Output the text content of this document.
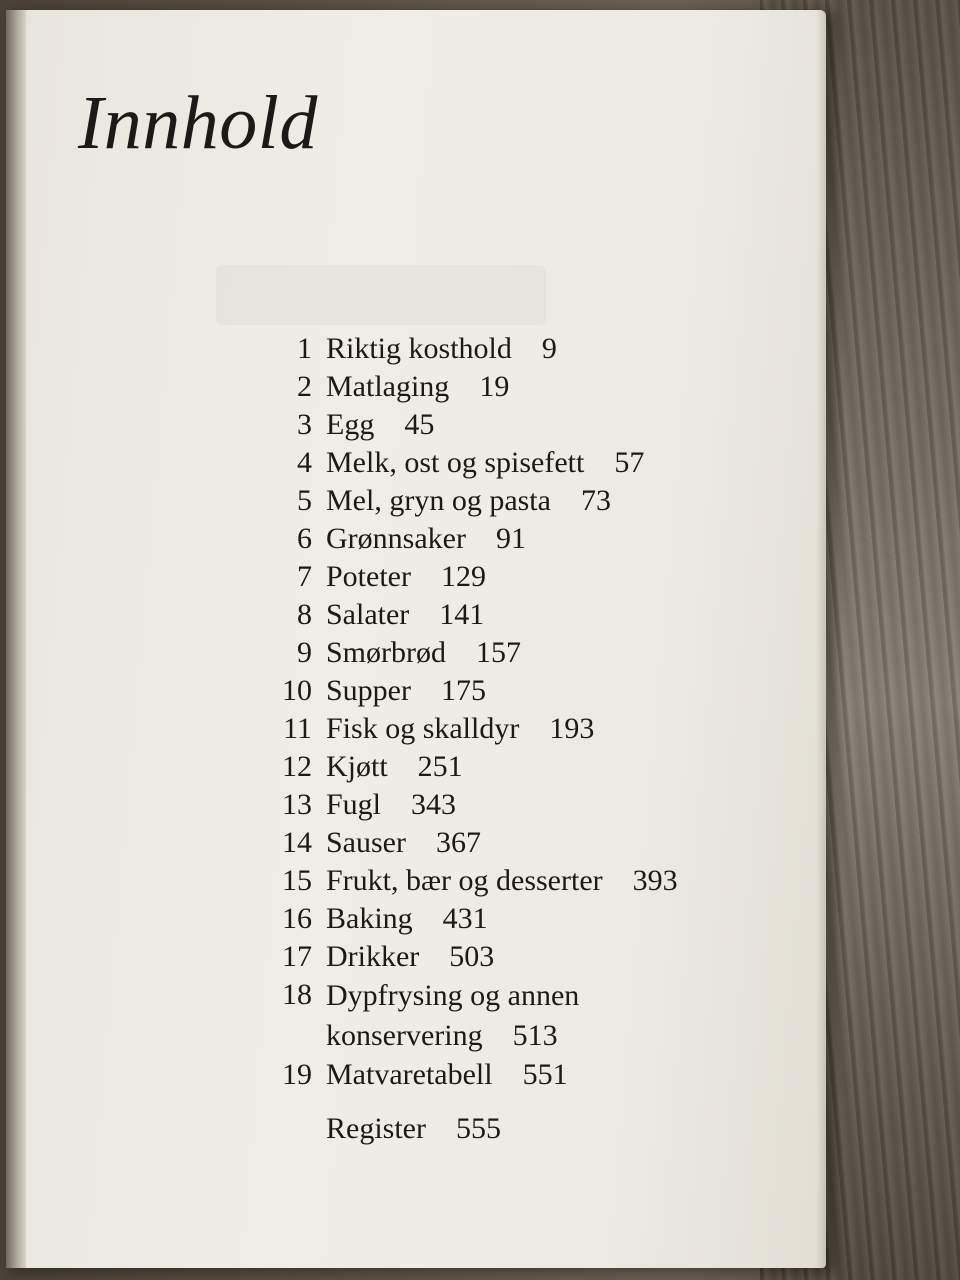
Innhold
1 Riktig kosthold 9
2 Matlaging 19
3 Egg 45
4 Melk, ost og spisefett 57
5 Mel, gryn og pasta 73
6 Grønnsaker 91
7 Poteter 129
8 Salater 141
9 Smørbrød 157
10 Supper 175
11 Fisk og skalldyr 193
12 Kjøtt 251
13 Fugl 343
14 Sauser 367
15 Frukt, bær og desserter 393
16 Baking 431
17 Drikker 503
18 Dypfrysing og annen
konservering 513
19 Matvaretabell 551
Register 555
